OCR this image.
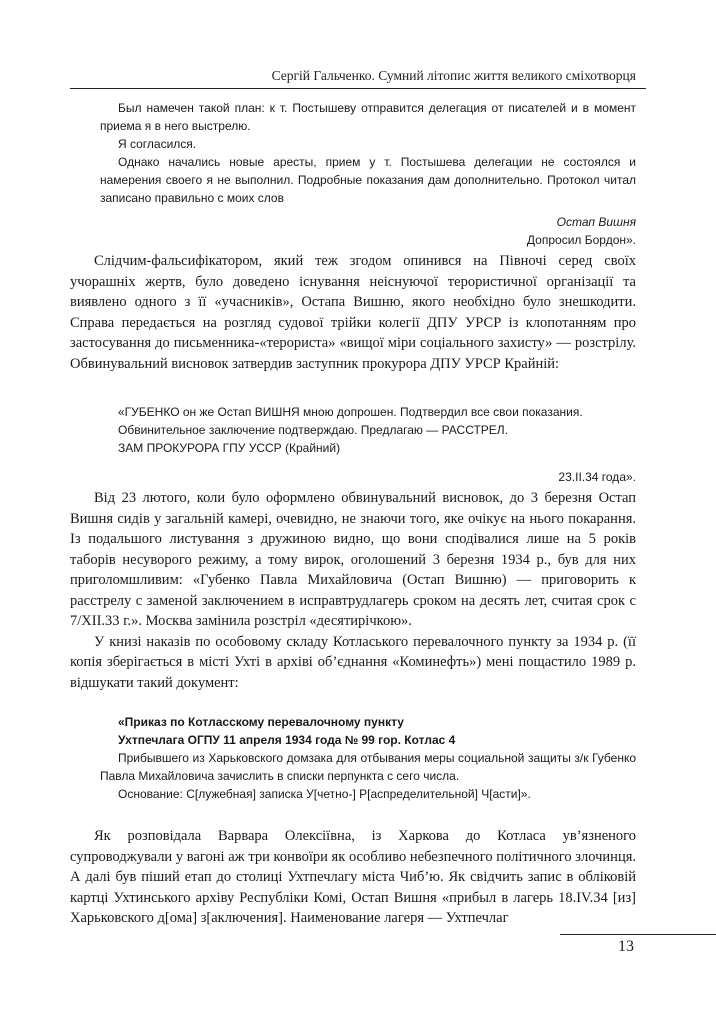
Сергій Гальченко. Сумний літопис життя великого сміхотворця

Был намечен такой план: к т. Постышеву отправится делегация от писателей и в момент приема я в него выстрелю.

Я согласился.

Однако начались новые аресты, прием у т. Постышева делегации не состоялся и намерения своего я не выполнил. Подробные показания дам дополнительно. Протокол читал записано правильно с моих слов

Остап Вишня

Допросил Бордон».

Слідчим-фальсифікатором, який теж згодом опинився на Півночі серед своїх учорашніх жертв, було доведено існування неіснуючої терористичної організації та виявлено одного з її «учасників», Остапа Вишню, якого необхідно було знешкодити. Справа передається на розгляд судової трійки колегії ДПУ УРСР із клопотанням про застосування до письменника-«терориста» «вищої міри соціального захисту» — розстрілу. Обвинувальний висновок затвердив заступник прокурора ДПУ УРСР Крайній:

«ГУБЕНКО он же Остап ВИШНЯ мною допрошен. Подтвердил все свои показания.

Обвинительное заключение подтверждаю. Предлагаю — РАССТРЕЛ.

ЗАМ ПРОКУРОРА ГПУ УССР (Крайний)

23.II.34 года».

Від 23 лютого, коли було оформлено обвинувальний висновок, до 3 березня Остап Вишня сидів у загальній камері, очевидно, не знаючи того, яке очікує на нього покарання. Із подальшого листування з дружиною видно, що вони сподівалися лише на 5 років таборів несуворого режиму, а тому вирок, оголошений 3 березня 1934 р., був для них приголомшливим: «Губенко Павла Михайловича (Остап Вишню) — приговорить к расстрелу с заменой заключением в исправтрудлагерь сроком на десять лет, считая срок с 7/XII.33 г.». Москва замінила розстріл «десятирічкою».

У книзі наказів по особовому складу Котласького перевалочного пункту за 1934 р. (її копія зберігається в місті Ухті в архіві об’єднання «Коминефть») мені пощастило 1989 р. відшукати такий документ:

«Приказ по Котласскому перевалочному пункту

Ухтпечлага ОГПУ 11 апреля 1934 года № 99 гор. Котлас 4

Прибывшего из Харьковского домзака для отбывания меры социальной защиты з/к Губенко Павла Михайловича зачислить в списки перпункта с сего числа.

Основание: С[лужебная] записка У[четно-] Р[аспределительной] Ч[асти]».

Як розповідала Варвара Олексіївна, із Харкова до Котласа ув’язненого супроводжували у вагоні аж три конвоїри як особливо небезпечного політичного злочинця. А далі був піший етап до столиці Ухтпечлагу міста Чиб’ю. Як свідчить запис в обліковій картці Ухтинського архіву Республіки Комі, Остап Вишня «прибыл в лагерь 18.IV.34 [из] Харьковского д[ома] з[аключения]. Наименование лагеря — Ухтпечлаг

13
